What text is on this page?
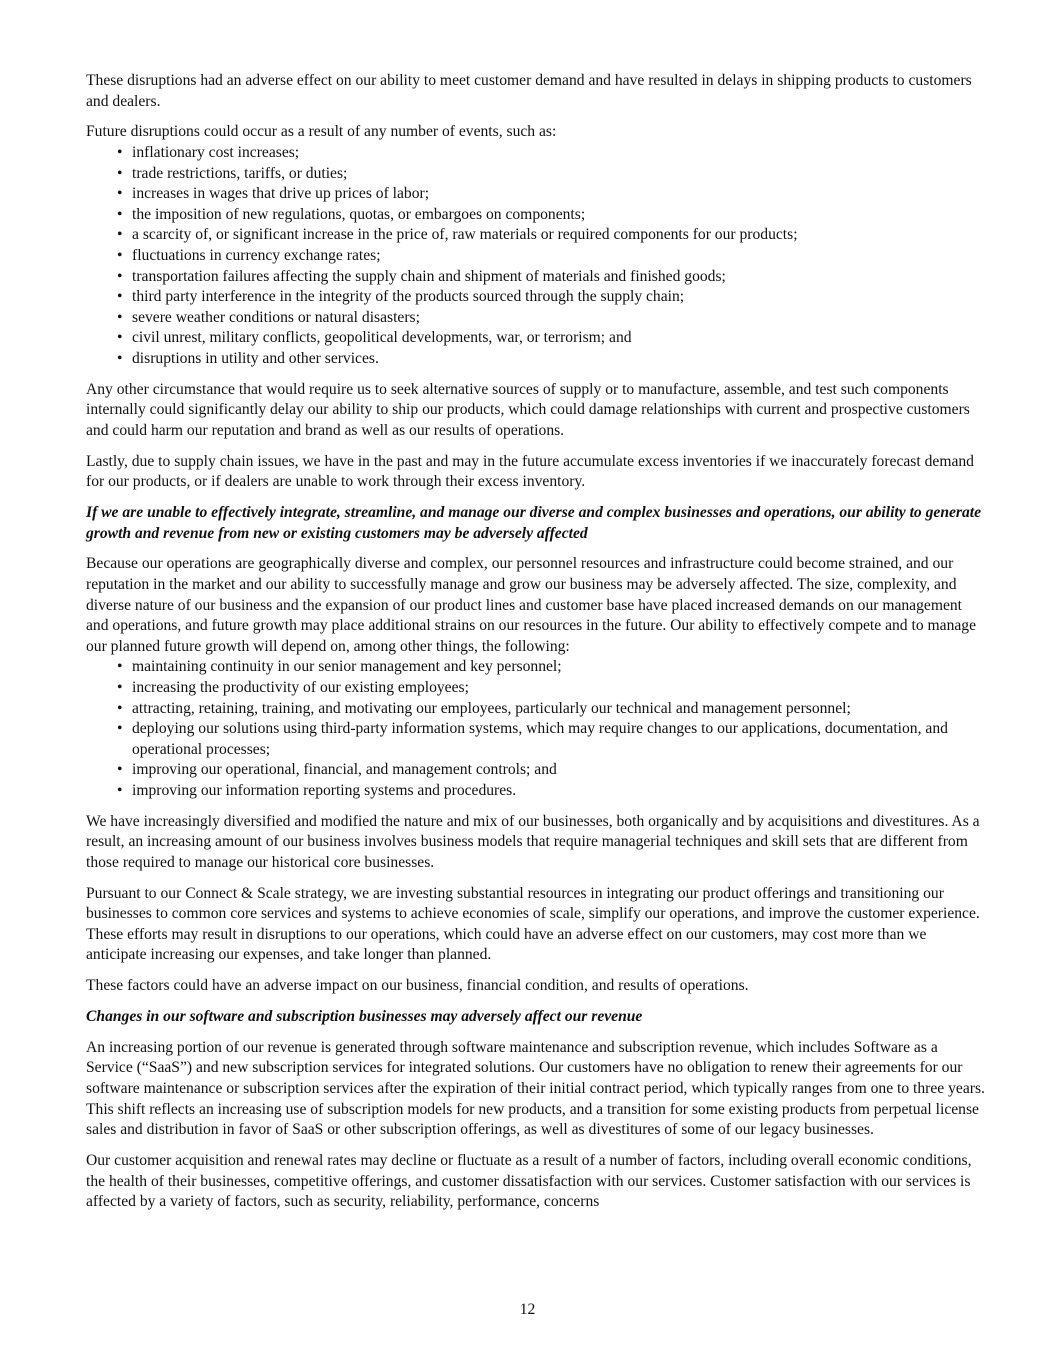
These disruptions had an adverse effect on our ability to meet customer demand and have resulted in delays in shipping products to customers and dealers.

Future disruptions could occur as a result of any number of events, such as:

• inflationary cost increases;
• trade restrictions, tariffs, or duties;
• increases in wages that drive up prices of labor;
• the imposition of new regulations, quotas, or embargoes on components;
• a scarcity of, or significant increase in the price of, raw materials or required components for our products;
• fluctuations in currency exchange rates;
• transportation failures affecting the supply chain and shipment of materials and finished goods;
• third party interference in the integrity of the products sourced through the supply chain;
• severe weather conditions or natural disasters;
• civil unrest, military conflicts, geopolitical developments, war, or terrorism; and
• disruptions in utility and other services.

Any other circumstance that would require us to seek alternative sources of supply or to manufacture, assemble, and test such components internally could significantly delay our ability to ship our products, which could damage relationships with current and prospective customers and could harm our reputation and brand as well as our results of operations.

Lastly, due to supply chain issues, we have in the past and may in the future accumulate excess inventories if we inaccurately forecast demand for our products, or if dealers are unable to work through their excess inventory.

If we are unable to effectively integrate, streamline, and manage our diverse and complex businesses and operations, our ability to generate growth and revenue from new or existing customers may be adversely affected

Because our operations are geographically diverse and complex, our personnel resources and infrastructure could become strained, and our reputation in the market and our ability to successfully manage and grow our business may be adversely affected. The size, complexity, and diverse nature of our business and the expansion of our product lines and customer base have placed increased demands on our management and operations, and future growth may place additional strains on our resources in the future. Our ability to effectively compete and to manage our planned future growth will depend on, among other things, the following:

• maintaining continuity in our senior management and key personnel;
• increasing the productivity of our existing employees;
• attracting, retaining, training, and motivating our employees, particularly our technical and management personnel;
• deploying our solutions using third-party information systems, which may require changes to our applications, documentation, and operational processes;
• improving our operational, financial, and management controls; and
• improving our information reporting systems and procedures.

We have increasingly diversified and modified the nature and mix of our businesses, both organically and by acquisitions and divestitures. As a result, an increasing amount of our business involves business models that require managerial techniques and skill sets that are different from those required to manage our historical core businesses.

Pursuant to our Connect & Scale strategy, we are investing substantial resources in integrating our product offerings and transitioning our businesses to common core services and systems to achieve economies of scale, simplify our operations, and improve the customer experience. These efforts may result in disruptions to our operations, which could have an adverse effect on our customers, may cost more than we anticipate increasing our expenses, and take longer than planned.

These factors could have an adverse impact on our business, financial condition, and results of operations.

Changes in our software and subscription businesses may adversely affect our revenue

An increasing portion of our revenue is generated through software maintenance and subscription revenue, which includes Software as a Service (“SaaS”) and new subscription services for integrated solutions. Our customers have no obligation to renew their agreements for our software maintenance or subscription services after the expiration of their initial contract period, which typically ranges from one to three years. This shift reflects an increasing use of subscription models for new products, and a transition for some existing products from perpetual license sales and distribution in favor of SaaS or other subscription offerings, as well as divestitures of some of our legacy businesses.

Our customer acquisition and renewal rates may decline or fluctuate as a result of a number of factors, including overall economic conditions, the health of their businesses, competitive offerings, and customer dissatisfaction with our services. Customer satisfaction with our services is affected by a variety of factors, such as security, reliability, performance, concerns

12
